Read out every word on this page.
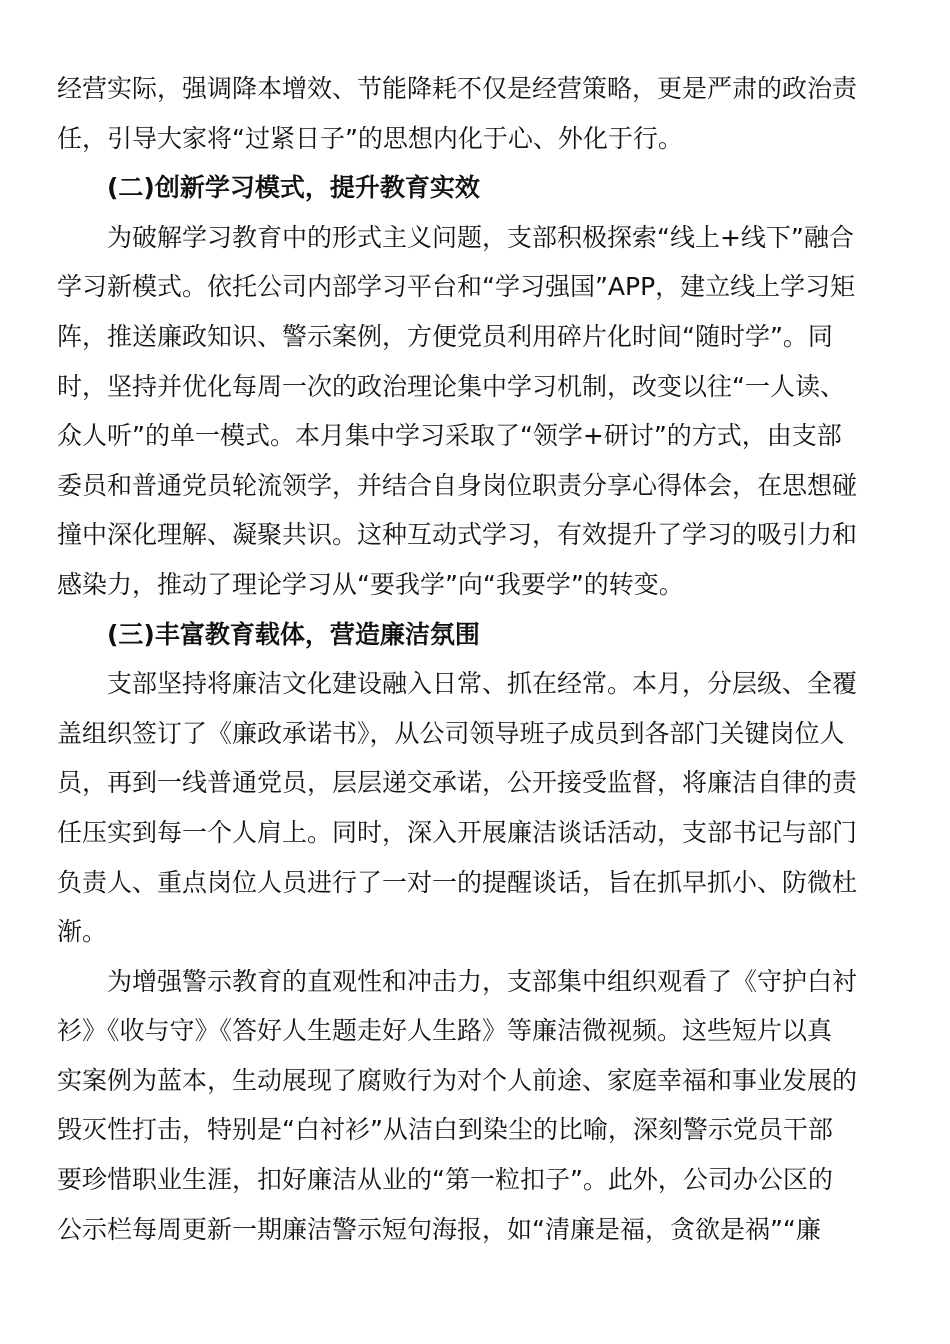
经营实际，强调降本增效、节能降耗不仅是经营策略，更是严肃的政治责
任，引导大家将“过紧日子”的思想内化于心、外化于行。
(二)创新学习模式，提升教育实效
为破解学习教育中的形式主义问题，支部积极探索“线上+线下”融合
学习新模式。依托公司内部学习平台和“学习强国”APP，建立线上学习矩
阵，推送廉政知识、警示案例，方便党员利用碎片化时间“随时学”。同
时，坚持并优化每周一次的政治理论集中学习机制，改变以往“一人读、
众人听”的单一模式。本月集中学习采取了“领学+研讨”的方式，由支部
委员和普通党员轮流领学，并结合自身岗位职责分享心得体会，在思想碰
撞中深化理解、凝聚共识。这种互动式学习，有效提升了学习的吸引力和
感染力，推动了理论学习从“要我学”向“我要学”的转变。
(三)丰富教育载体，营造廉洁氛围
支部坚持将廉洁文化建设融入日常、抓在经常。本月，分层级、全覆
盖组织签订了《廉政承诺书》，从公司领导班子成员到各部门关键岗位人
员，再到一线普通党员，层层递交承诺，公开接受监督，将廉洁自律的责
任压实到每一个人肩上。同时，深入开展廉洁谈话活动，支部书记与部门
负责人、重点岗位人员进行了一对一的提醒谈话，旨在抓早抓小、防微杜
渐。
为增强警示教育的直观性和冲击力，支部集中组织观看了《守护白衬
衫》《收与守》《答好人生题走好人生路》等廉洁微视频。这些短片以真
实案例为蓝本，生动展现了腐败行为对个人前途、家庭幸福和事业发展的
毁灭性打击，特别是“白衬衫”从洁白到染尘的比喻，深刻警示党员干部
要珍惜职业生涯，扣好廉洁从业的“第一粒扣子”。此外，公司办公区的
公示栏每周更新一期廉洁警示短句海报，如“清廉是福，贪欲是祸”“廉
